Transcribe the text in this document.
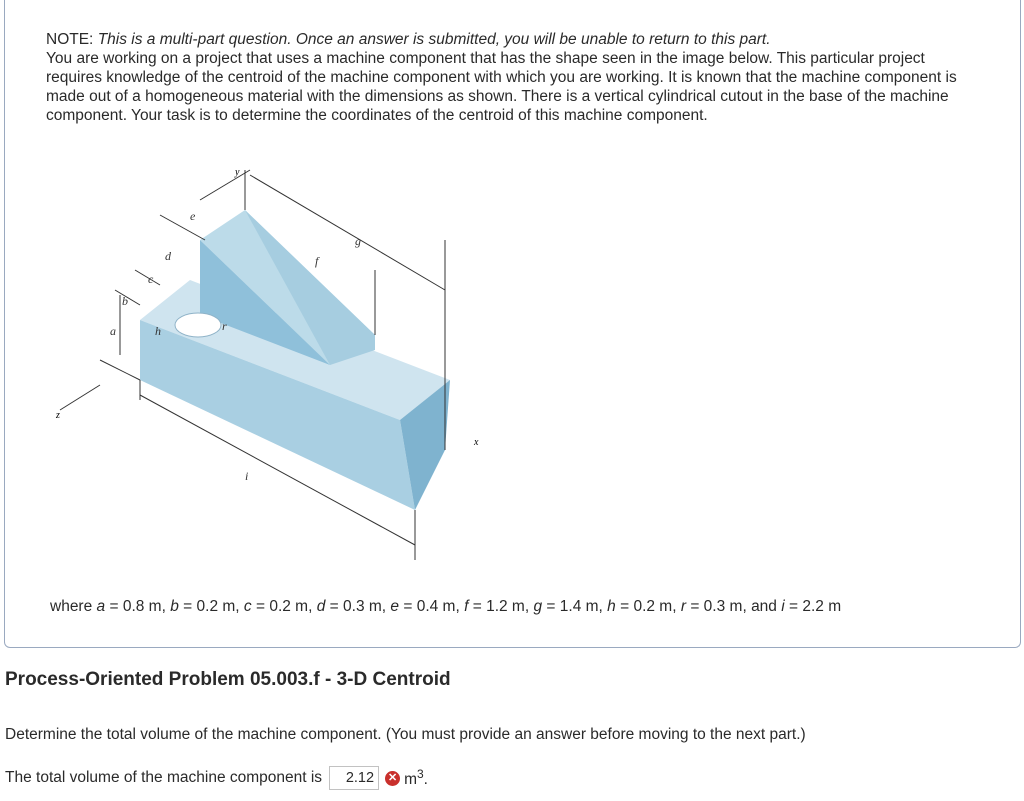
NOTE: This is a multi-part question. Once an answer is submitted, you will be unable to return to this part.
You are working on a project that uses a machine component that has the shape seen in the image below. This particular project requires knowledge of the centroid of the machine component with which you are working. It is known that the machine component is made out of a homogeneous material with the dimensions as shown. There is a vertical cylindrical cutout in the base of the machine component. Your task is to determine the coordinates of the centroid of this machine component.
y
z
x
a
b
c
d
e
f
g
h	r
i
where a = 0.8 m, b = 0.2 m, c = 0.2 m, d = 0.3 m, e = 0.4 m, f = 1.2 m, g = 1.4 m, h = 0.2 m, r = 0.3 m, and i = 2.2 m
Process-Oriented Problem 05.003.f - 3-D Centroid
Determine the total volume of the machine component. (You must provide an answer before moving to the next part.)
The total volume of the machine component is
2.12	✕ $m^3$.
